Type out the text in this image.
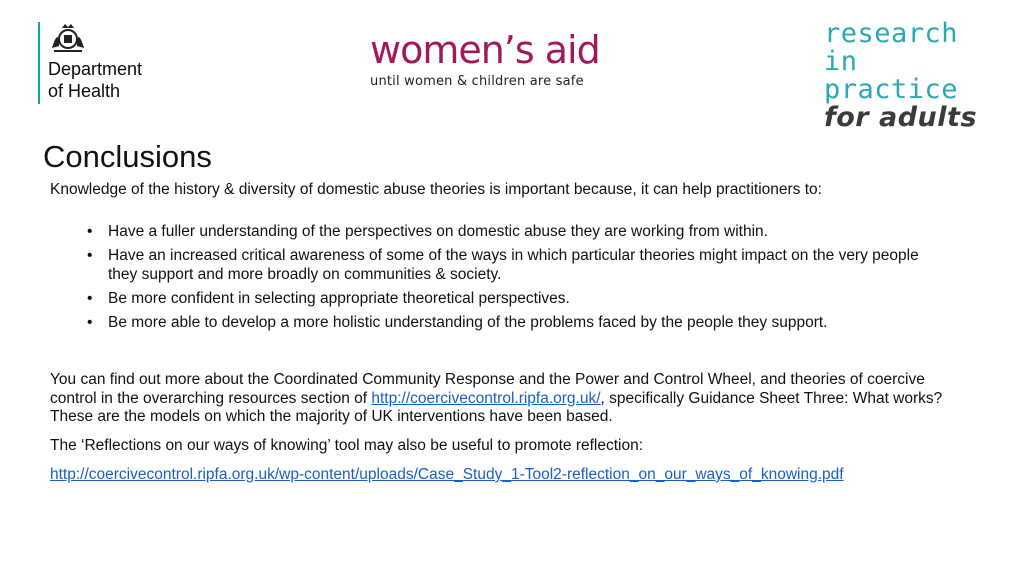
Department
of Health
women’s aid
until women & children are safe
research
in practice
for adults
Conclusions

Knowledge of the history & diversity of domestic abuse theories is important because, it can help practitioners to:

• Have a fuller understanding of the perspectives on domestic abuse they are working from within.
• Have an increased critical awareness of some of the ways in which particular theories might impact on the very people they support and more broadly on communities & society.
• Be more confident in selecting appropriate theoretical perspectives.
• Be more able to develop a more holistic understanding of the problems faced by the people they support.

You can find out more about the Coordinated Community Response and the Power and Control Wheel, and theories of coercive control in the overarching resources section of http://coercivecontrol.ripfa.org.uk/, specifically Guidance Sheet Three: What works? These are the models on which the majority of UK interventions have been based.

The ‘Reflections on our ways of knowing’ tool may also be useful to promote reflection:

http://coercivecontrol.ripfa.org.uk/wp-content/uploads/Case_Study_1-Tool2-reflection_on_our_ways_of_knowing.pdf
